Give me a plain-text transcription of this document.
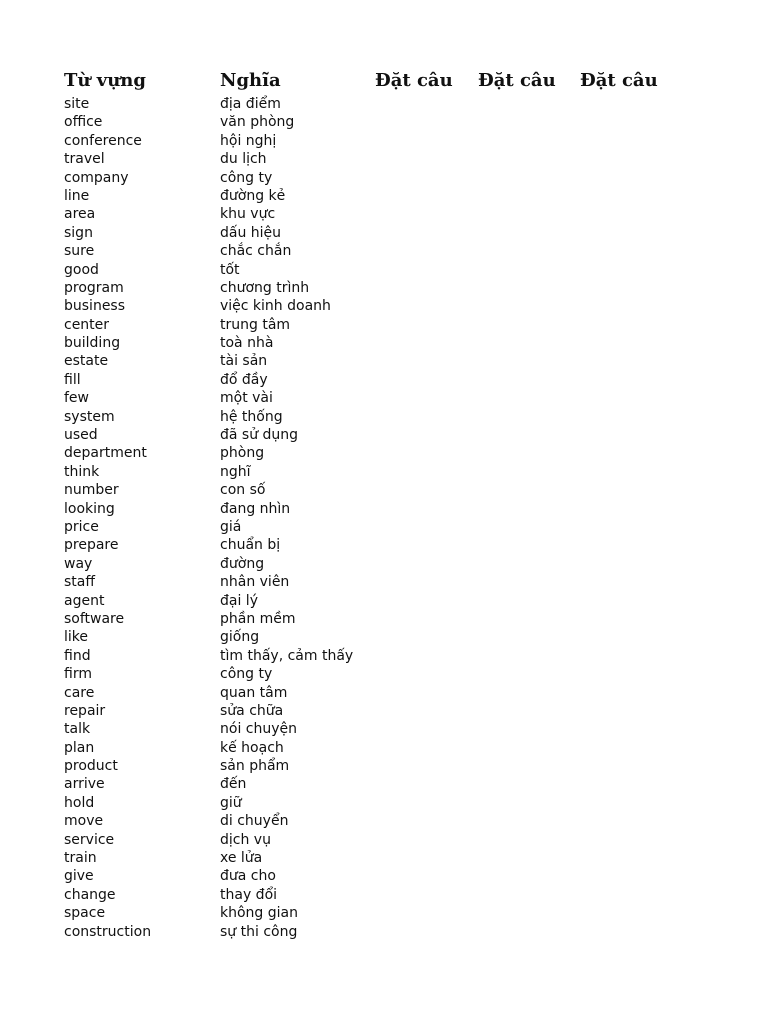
Từ vựng	Nghĩa	Đặt câu Đặt câu Đặt câu
site	địa điểm
office	văn phòng
conference	hội nghị
travel	du lịch
company	công ty
line	đường kẻ
area	khu vực
sign	dấu hiệu
sure	chắc chắn
good	tốt
program	chương trình
business	việc kinh doanh
center	trung tâm
building	toà nhà
estate	tài sản
fill	đổ đầy
few	một vài
system	hệ thống
used	đã sử dụng
department	phòng
think	nghĩ
number	con số
looking	đang nhìn
price	giá
prepare	chuẩn bị
way	đường
staff	nhân viên
agent	đại lý
software	phần mềm
like	giống
find	tìm thấy, cảm thấy
firm	công ty
care	quan tâm
repair	sửa chữa
talk	nói chuyện
plan	kế hoạch
product	sản phẩm
arrive	đến
hold	giữ
move	di chuyển
service	dịch vụ
train	xe lửa
give	đưa cho
change	thay đổi
space	không gian
construction	sự thi công
